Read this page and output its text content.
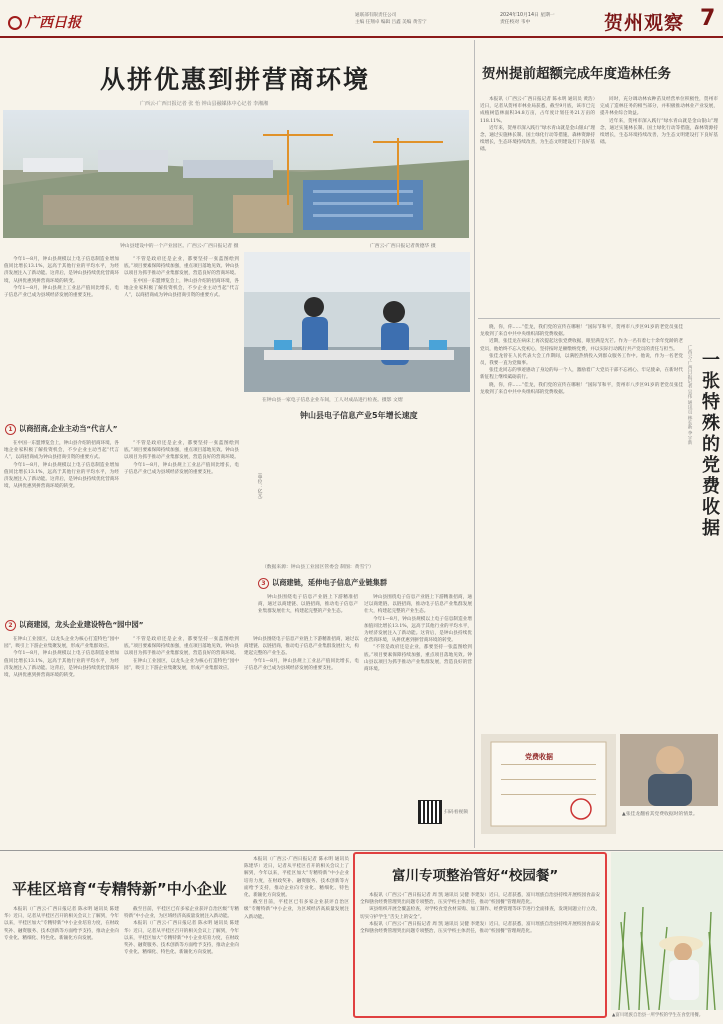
广西日报	通联部有限责任公司
主编 任翔卓 编辑 吕鑫 美编 黄雪宁
2024年10月14日 星期一
责任校对 韦中	贺州观察 7
从拼优惠到拼营商环境
广西云-广西日报记者 张 怡 钟山县融媒体中心记者 李湘湘
钟山县建设中的一个产业园区。广西云-广西日报记者 摄	广西云-广西日报记者黄德华 摄

今年1—8月，钟山县规模以上电子信息制造业增加值同比增长13.1%，远高于其他行业的平均水平，为经济发展注入了新动能。这背后，是钟山县持续优化营商环境，从拼优惠到拼营商环境的转变。

今年1—8月，钟山县规上工业总产值同比增长，电子信息产业已成为县域经济发展的重要支柱。

“不管是政府还是企业，都要坚持一张蓝图绘到底。”项目要素保障持续加强，重点项目落地见效。钟山县以项目为抓手推动产业集群发展，营造良好的营商环境。

在中国一东盟博览会上，钟山县介绍的招商环境，各地企业家积极了解投资机会，不少企业主动当起“代言人”，以商招商成为钟山县招商引资的重要方式。

在钟山县一家电子信息企业车间，工人对成品进行检查。摄影 文熠
钟山县电子信息产业5年增长速度
（单位：亿元）
（数据来源：钟山县工业园区管委会 制图：黄雪宁）
1 以商招商,企业主动当“代言人”

在中国一东盟博览会上，钟山县介绍的招商环境，各地企业家积极了解投资机会，不少企业主动当起“代言人”，以商招商成为钟山县招商引资的重要方式。

今年1—8月，钟山县规模以上电子信息制造业增加值同比增长13.1%，远高于其他行业的平均水平，为经济发展注入了新动能。这背后，是钟山县持续优化营商环境，从拼优惠到拼营商环境的转变。

“不管是政府还是企业，都要坚持一张蓝图绘到底。”项目要素保障持续加强，重点项目落地见效。钟山县以项目为抓手推动产业集群发展，营造良好的营商环境。

今年1—8月，钟山县规上工业总产值同比增长，电子信息产业已成为县域经济发展的重要支柱。

2 以商建园，龙头企业建设特色“园中园”

在钟山工业园区，以龙头企业为核心打造特色“园中园”，吸引上下游企业集聚发展，形成产业集群效应。

今年1—8月，钟山县规模以上电子信息制造业增加值同比增长13.1%，远高于其他行业的平均水平，为经济发展注入了新动能。这背后，是钟山县持续优化营商环境，从拼优惠到拼营商环境的转变。

“不管是政府还是企业，都要坚持一张蓝图绘到底。”项目要素保障持续加强，重点项目落地见效。钟山县以项目为抓手推动产业集群发展，营造良好的营商环境。

在钟山工业园区，以龙头企业为核心打造特色“园中园”，吸引上下游企业集聚发展，形成产业集群效应。

钟山县围绕电子信息产业链上下游精准招商，通过以商建链、以链招商，推动电子信息产业集群发展壮大，构建起完整的产业生态。

今年1—8月，钟山县规上工业总产值同比增长，电子信息产业已成为县域经济发展的重要支柱。

3 以商建链，延伸电子信息产业链集群

钟山县围绕电子信息产业链上下游精准招商，通过以商建链、以链招商，推动电子信息产业集群发展壮大，构建起完整的产业生态。

钟山县围绕电子信息产业链上下游精准招商，通过以商建链、以链招商，推动电子信息产业集群发展壮大，构建起完整的产业生态。

今年1—8月，钟山县规模以上电子信息制造业增加值同比增长13.1%，远高于其他行业的平均水平，为经济发展注入了新动能。这背后，是钟山县持续优化营商环境，从拼优惠到拼营商环境的转变。

“不管是政府还是企业，都要坚持一张蓝图绘到底。”项目要素保障持续加强，重点项目落地见效。钟山县以项目为抓手推动产业集群发展，营造良好的营商环境。

扫码看视频
贺州提前超额完成年度造林任务

本报讯（广西云-广西日报记者 陈永明 通讯员 黄浩）近日，记者从贺州市林业局获悉，截至9月底，该市已完成植树造林面积34.8万亩，占年度计划任务21万亩的118.11%。

近年来，贺州市深入践行“绿水青山就是金山银山”理念，通过实施林长制、国土绿化行动等措施，森林资源持续增长，生态环境持续改善，为生态文明建设打下良好基础。

同时，充分调动林农种苗及经营单位积极性，贺州市完成了造林任务的相当部分，并积极推动林业产业发展，提升林业综合效益。

近年来，贺州市深入践行“绿水青山就是金山银山”理念，通过实施林长制、国土绿化行动等措施，森林资源持续增长，生态环境持续改善，为生态文明建设打下良好基础。

晓，你，你……“佳龙，我们党的宣传在哪啦！”国际节和平，贺州市八步区91岁的老党员张佳龙收到了来自中共中央组织部的党费收据。

近期，张佳龙在病床上再次提起这张党费收据，眼里满是光芒。作为一名有着七十余年党龄的老党员，他始终不忘入党初心，坚持按时足额缴纳党费，并以实际行动践行共产党员的责任与担当。

张佳龙曾在人民代表大会工作期间，以满腔热情投入到群众服务工作中。他说，作为一名老党员，我要一直为党做事。

张佳龙同志的事迹感动了身边的每一个人，激励着广大党员干部不忘初心、牢记使命，在新时代新征程上继续砥砺前行。

晓，你，你……“佳龙，我们党的宣传在哪啦！”国际节和平，贺州市八步区91岁的老党员张佳龙收到了来自中共中央组织部的党费收据。	一张特殊的党费收据
广西云-广西日报记者 吴伟 通讯员 林长新 李宇新
党费收据
▲张佳龙翻看其党费收据时的情景。
平桂区培育“专精特新”中小企业

本报讯（广西云-广西日报记者 陈永明 通讯员 陈建华）近日，记者从平桂区召开的相关会议上了解到，今年以来，平桂区加大“专精特新”中小企业培育力度，在财政奖补、融资服务、技术创新等方面给予支持，推动企业向专业化、精细化、特色化、新颖化方向发展。

截至目前，平桂区已有多家企业获评自治区级“专精特新”中小企业，为区域经济高质量发展注入新动能。

本报讯（广西云-广西日报记者 陈永明 通讯员 陈建华）近日，记者从平桂区召开的相关会议上了解到，今年以来，平桂区加大“专精特新”中小企业培育力度，在财政奖补、融资服务、技术创新等方面给予支持，推动企业向专业化、精细化、特色化、新颖化方向发展。

本报讯（广西云-广西日报记者 陈永明 通讯员 陈建华）近日，记者从平桂区召开的相关会议上了解到，今年以来，平桂区加大“专精特新”中小企业培育力度，在财政奖补、融资服务、技术创新等方面给予支持，推动企业向专业化、精细化、特色化、新颖化方向发展。

截至目前，平桂区已有多家企业获评自治区级“专精特新”中小企业，为区域经济高质量发展注入新动能。

富川专项整治管好“校园餐”

本报讯（广西云-广西日报记者 周 凯 通讯员 吴健 李建发）近日，记者获悉，富川瑶族自治县持续开展校园食品安全和膳食经费管理突出问题专项整治，压实学校主体责任，推动“校园餐”管理规范化。

该县组织开展全覆盖检查，对学校食堂食材采购、加工制作、经费管理等环节进行全面排查，发现问题立行立改，切实守护学生“舌尖上的安全”。

本报讯（广西云-广西日报记者 周 凯 通讯员 吴健 李建发）近日，记者获悉，富川瑶族自治县持续开展校园食品安全和膳食经费管理突出问题专项整治，压实学校主体责任，推动“校园餐”管理规范化。

▲富川瑶族自治县一所学校的学生在食堂用餐。
